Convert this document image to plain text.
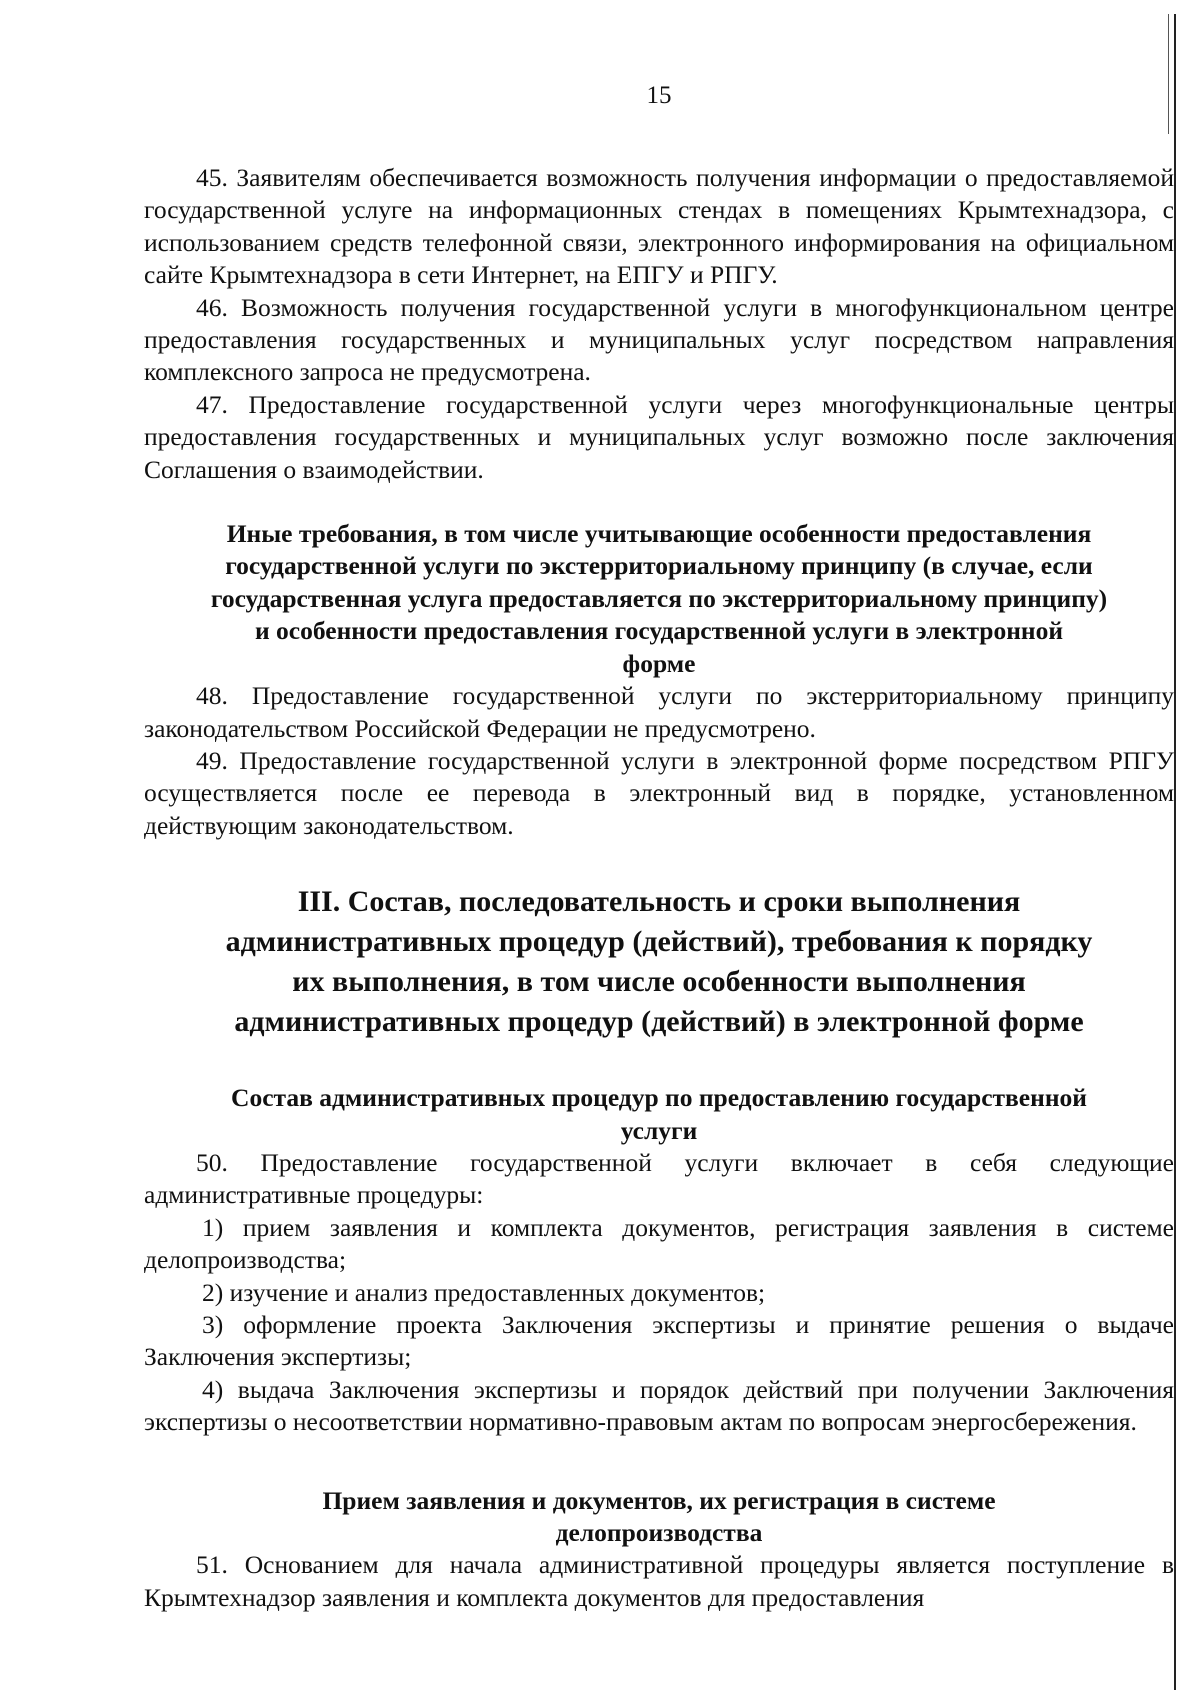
15

45. Заявителям обеспечивается возможность получения информации о предоставляемой государственной услуге на информационных стендах в помещениях Крымтехнадзора, с использованием средств телефонной связи, электронного информирования на официальном сайте Крымтехнадзора в сети Интернет, на ЕПГУ и РПГУ.

46. Возможность получения государственной услуги в многофункциональном центре предоставления государственных и муниципальных услуг посредством направления комплексного запроса не предусмотрена.

47. Предоставление государственной услуги через многофункциональные центры предоставления государственных и муниципальных услуг возможно после заключения Соглашения о взаимодействии.

Иные требования, в том числе учитывающие особенности предоставления

государственной услуги по экстерриториальному принципу (в случае, если

государственная услуга предоставляется по экстерриториальному принципу)

и особенности предоставления государственной услуги в электронной

форме

48. Предоставление государственной услуги по экстерриториальному принципу законодательством Российской Федерации не предусмотрено.

49. Предоставление государственной услуги в электронной форме посредством РПГУ осуществляется после ее перевода в электронный вид в порядке, установленном действующим законодательством.

III. Состав, последовательность и сроки выполнения

административных процедур (действий), требования к порядку

их выполнения, в том числе особенности выполнения

административных процедур (действий) в электронной форме

Состав административных процедур по предоставлению государственной

услуги

50. Предоставление государственной услуги включает в себя следующие административные процедуры:

1) прием заявления и комплекта документов, регистрация заявления в системе делопроизводства;

2) изучение и анализ предоставленных документов;

3) оформление проекта Заключения экспертизы и принятие решения о выдаче Заключения экспертизы;

4) выдача Заключения экспертизы и порядок действий при получении Заключения экспертизы о несоответствии нормативно-правовым актам по вопросам энергосбережения.

Прием заявления и документов, их регистрация в системе

делопроизводства

51. Основанием для начала административной процедуры является поступление в Крымтехнадзор заявления и комплекта документов для предоставления
